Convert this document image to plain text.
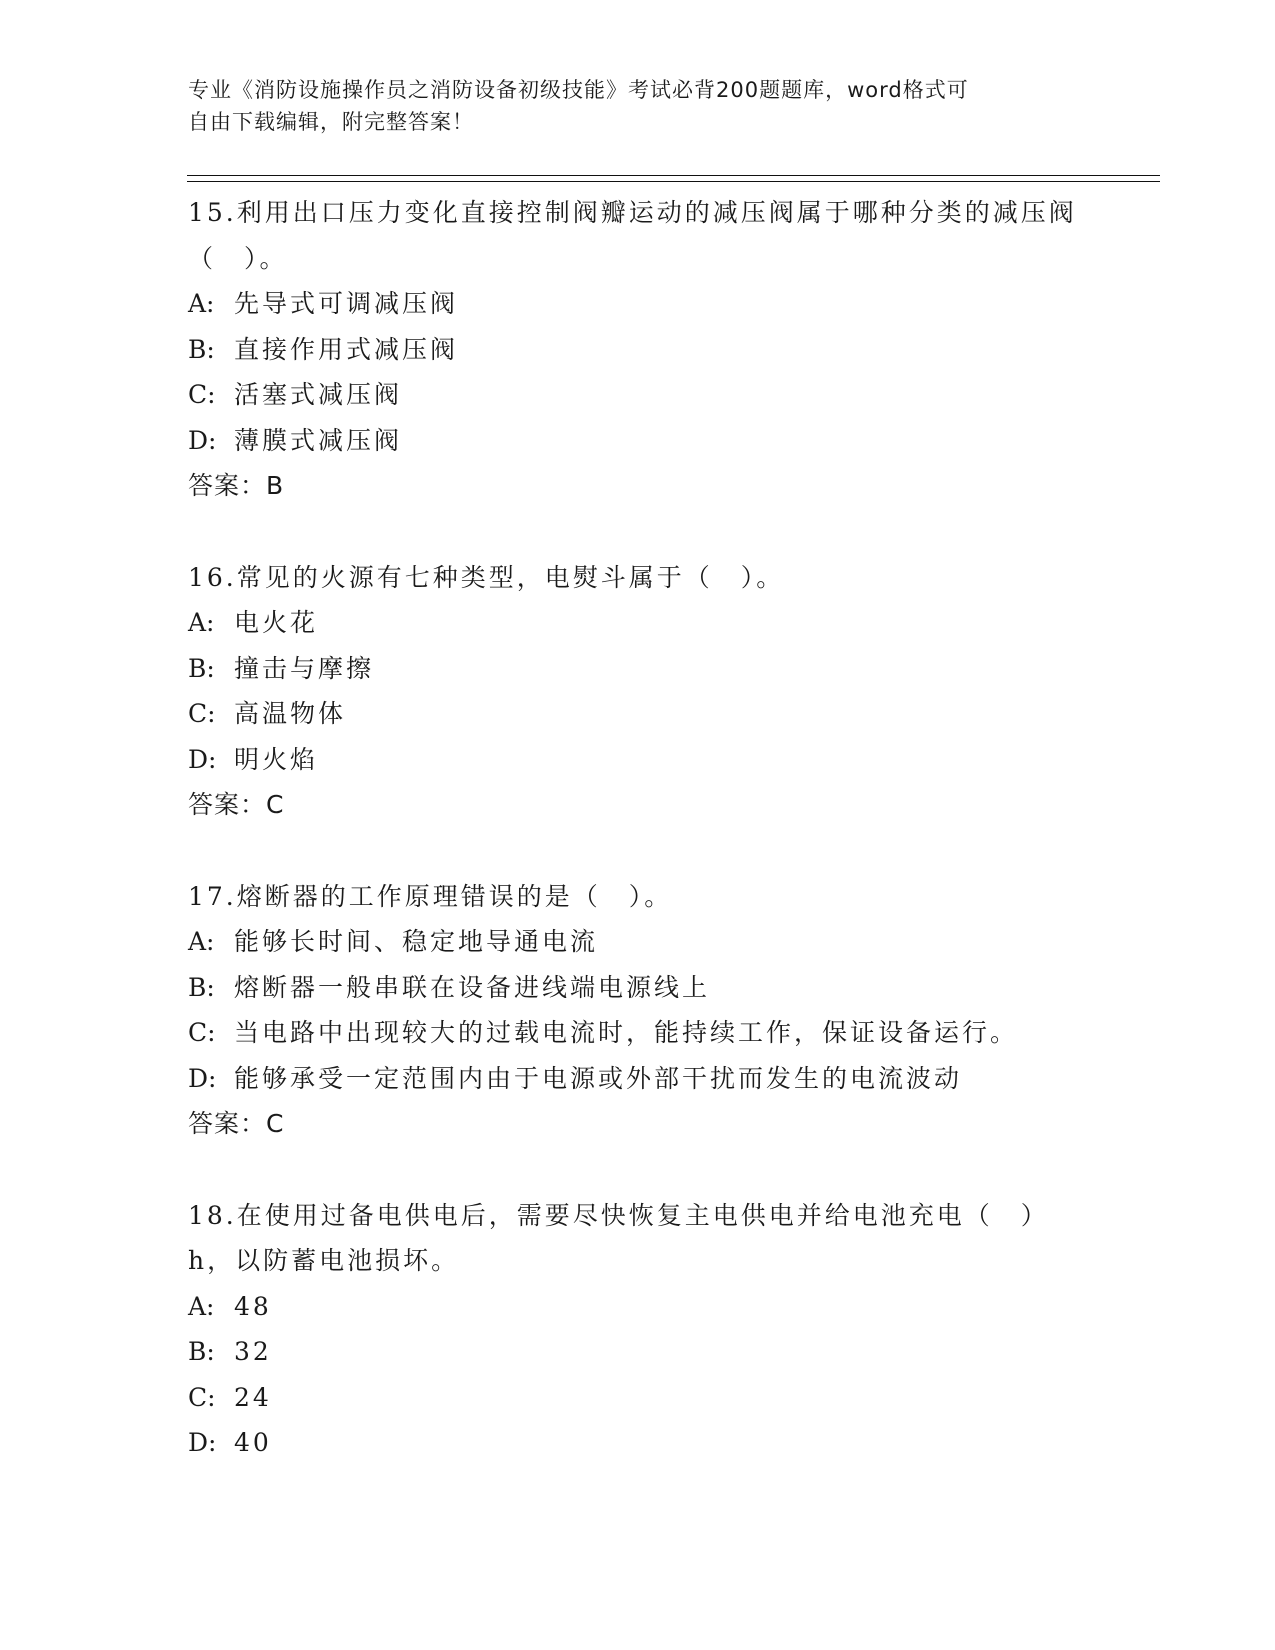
专业《消防设施操作员之消防设备初级技能》考试必背200题题库，word格式可
自由下载编辑，附完整答案！
15.利用出口压力变化直接控制阀瓣运动的减压阀属于哪种分类的减压阀（　）。
A: 先导式可调减压阀
B: 直接作用式减压阀
C: 活塞式减压阀
D: 薄膜式减压阀
答案：B
16.常见的火源有七种类型，电熨斗属于（　）。
A: 电火花
B: 撞击与摩擦
C: 高温物体
D: 明火焰
答案：C
17.熔断器的工作原理错误的是（　）。
A: 能够长时间、稳定地导通电流
B: 熔断器一般串联在设备进线端电源线上
C: 当电路中出现较大的过载电流时，能持续工作，保证设备运行。
D: 能够承受一定范围内由于电源或外部干扰而发生的电流波动
答案：C
18.在使用过备电供电后，需要尽快恢复主电供电并给电池充电（　）h，以防蓄电池损坏。
A: 48
B: 32
C: 24
D: 40
